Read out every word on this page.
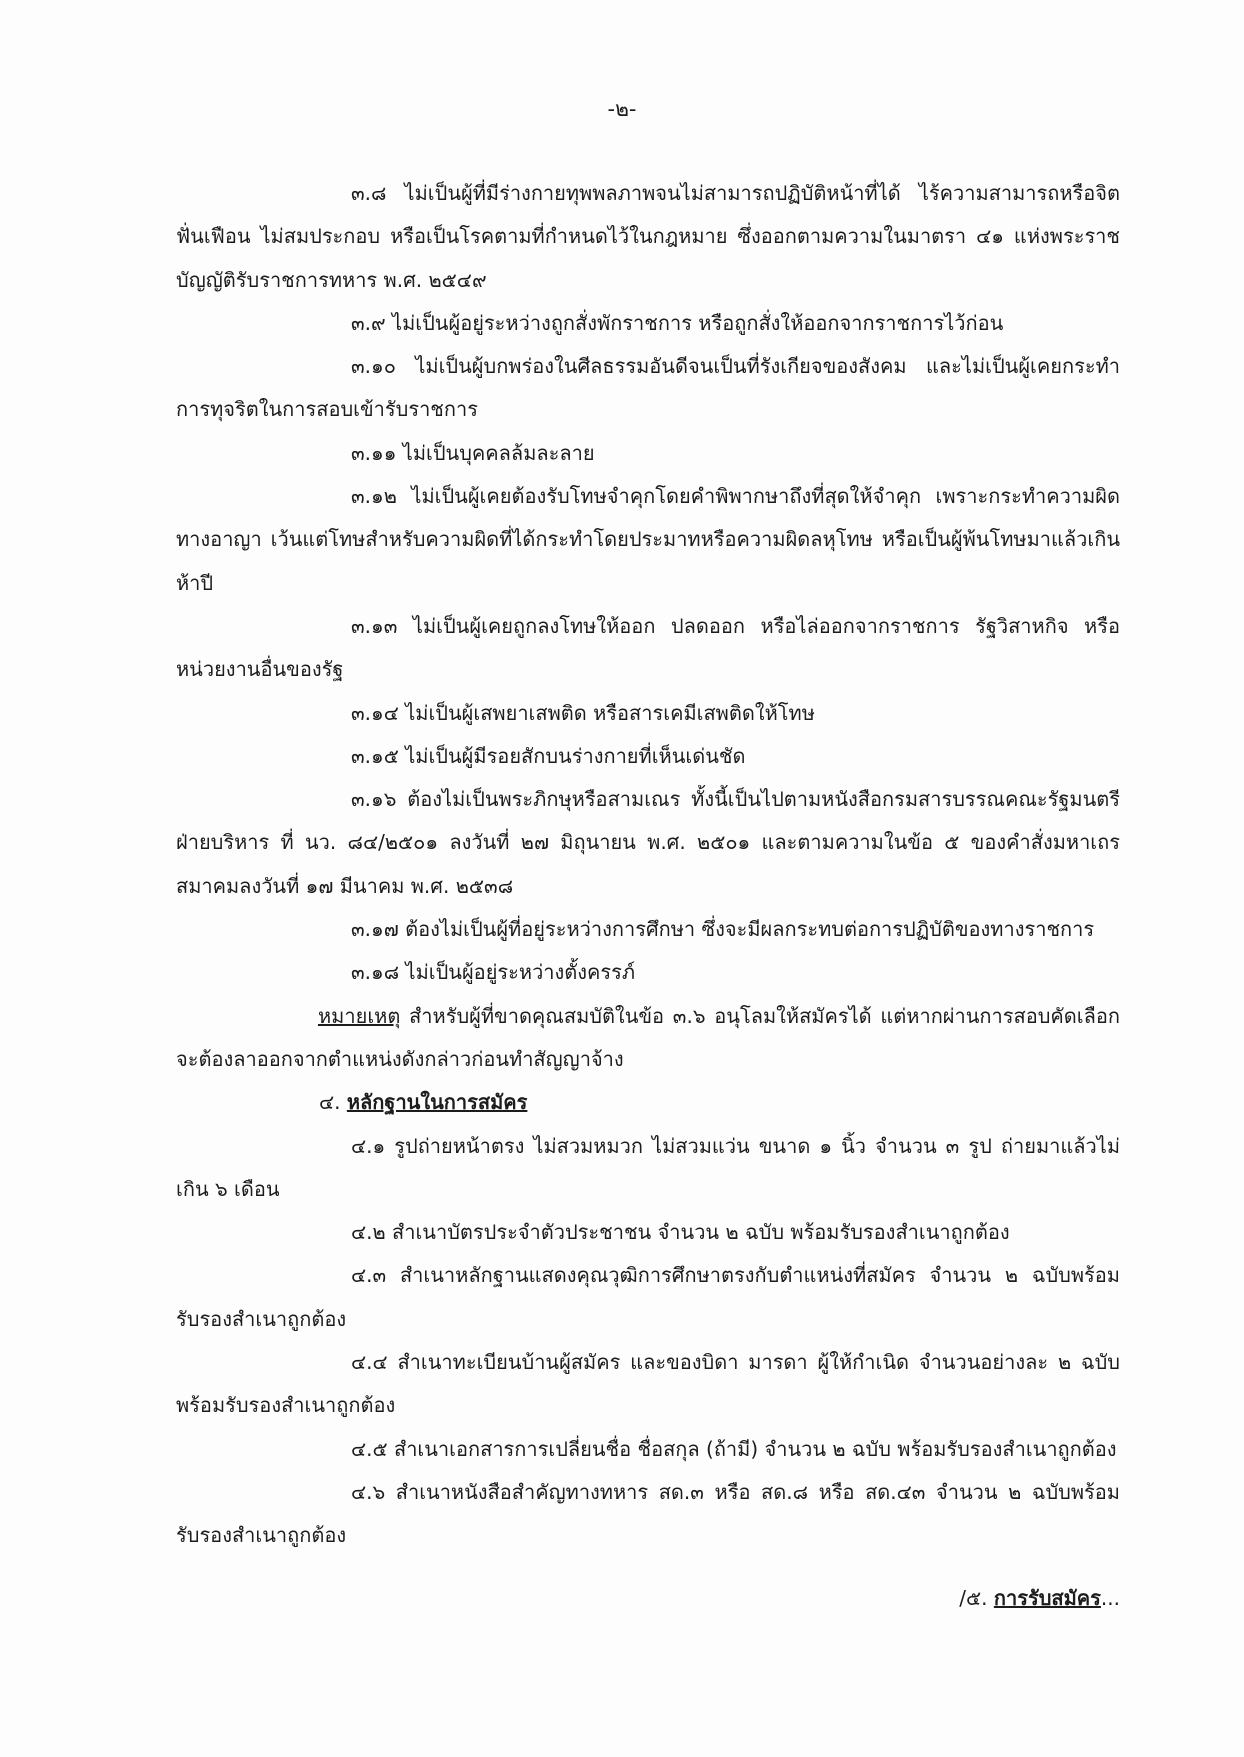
-๒-

๓.๘ ไม่เป็นผู้ที่มีร่างกายทุพพลภาพจนไม่สามารถปฏิบัติหน้าที่ได้ ไร้ความสามารถหรือจิตฟั่นเฟือน ไม่สมประกอบ หรือเป็นโรคตามที่กำหนดไว้ในกฎหมาย ซึ่งออกตามความในมาตรา ๔๑ แห่งพระราชบัญญัติรับราชการทหาร พ.ศ. ๒๕๔๙

๓.๙ ไม่เป็นผู้อยู่ระหว่างถูกสั่งพักราชการ หรือถูกสั่งให้ออกจากราชการไว้ก่อน

๓.๑๐ ไม่เป็นผู้บกพร่องในศีลธรรมอันดีจนเป็นที่รังเกียจของสังคม และไม่เป็นผู้เคยกระทำการทุจริตในการสอบเข้ารับราชการ

๓.๑๑ ไม่เป็นบุคคลล้มละลาย

๓.๑๒ ไม่เป็นผู้เคยต้องรับโทษจำคุกโดยคำพิพากษาถึงที่สุดให้จำคุก เพราะกระทำความผิดทางอาญา เว้นแต่โทษสำหรับความผิดที่ได้กระทำโดยประมาทหรือความผิดลหุโทษ หรือเป็นผู้พ้นโทษมาแล้วเกินห้าปี

๓.๑๓ ไม่เป็นผู้เคยถูกลงโทษให้ออก ปลดออก หรือไล่ออกจากราชการ รัฐวิสาหกิจ หรือหน่วยงานอื่นของรัฐ

๓.๑๔ ไม่เป็นผู้เสพยาเสพติด หรือสารเคมีเสพติดให้โทษ

๓.๑๕ ไม่เป็นผู้มีรอยสักบนร่างกายที่เห็นเด่นชัด

๓.๑๖ ต้องไม่เป็นพระภิกษุหรือสามเณร ทั้งนี้เป็นไปตามหนังสือกรมสารบรรณคณะรัฐมนตรีฝ่ายบริหาร ที่ นว. ๘๔/๒๕๐๑ ลงวันที่ ๒๗ มิถุนายน พ.ศ. ๒๕๐๑ และตามความในข้อ ๕ ของคำสั่งมหาเถรสมาคมลงวันที่ ๑๗ มีนาคม พ.ศ. ๒๕๓๘

๓.๑๗ ต้องไม่เป็นผู้ที่อยู่ระหว่างการศึกษา ซึ่งจะมีผลกระทบต่อการปฏิบัติของทางราชการ

๓.๑๘ ไม่เป็นผู้อยู่ระหว่างตั้งครรภ์

หมายเหตุ สำหรับผู้ที่ขาดคุณสมบัติในข้อ ๓.๖ อนุโลมให้สมัครได้ แต่หากผ่านการสอบคัดเลือกจะต้องลาออกจากตำแหน่งดังกล่าวก่อนทำสัญญาจ้าง

๔. หลักฐานในการสมัคร

๔.๑ รูปถ่ายหน้าตรง ไม่สวมหมวก ไม่สวมแว่น ขนาด ๑ นิ้ว จำนวน ๓ รูป ถ่ายมาแล้วไม่เกิน ๖ เดือน

๔.๒ สำเนาบัตรประจำตัวประชาชน จำนวน ๒ ฉบับ พร้อมรับรองสำเนาถูกต้อง

๔.๓ สำเนาหลักฐานแสดงคุณวุฒิการศึกษาตรงกับตำแหน่งที่สมัคร จำนวน ๒ ฉบับพร้อมรับรองสำเนาถูกต้อง

๔.๔ สำเนาทะเบียนบ้านผู้สมัคร และของบิดา มารดา ผู้ให้กำเนิด จำนวนอย่างละ ๒ ฉบับพร้อมรับรองสำเนาถูกต้อง

๔.๕ สำเนาเอกสารการเปลี่ยนชื่อ ชื่อสกุล (ถ้ามี) จำนวน ๒ ฉบับ พร้อมรับรองสำเนาถูกต้อง

๔.๖ สำเนาหนังสือสำคัญทางทหาร สด.๓ หรือ สด.๘ หรือ สด.๔๓ จำนวน ๒ ฉบับพร้อมรับรองสำเนาถูกต้อง

/๕. การรับสมัคร...
